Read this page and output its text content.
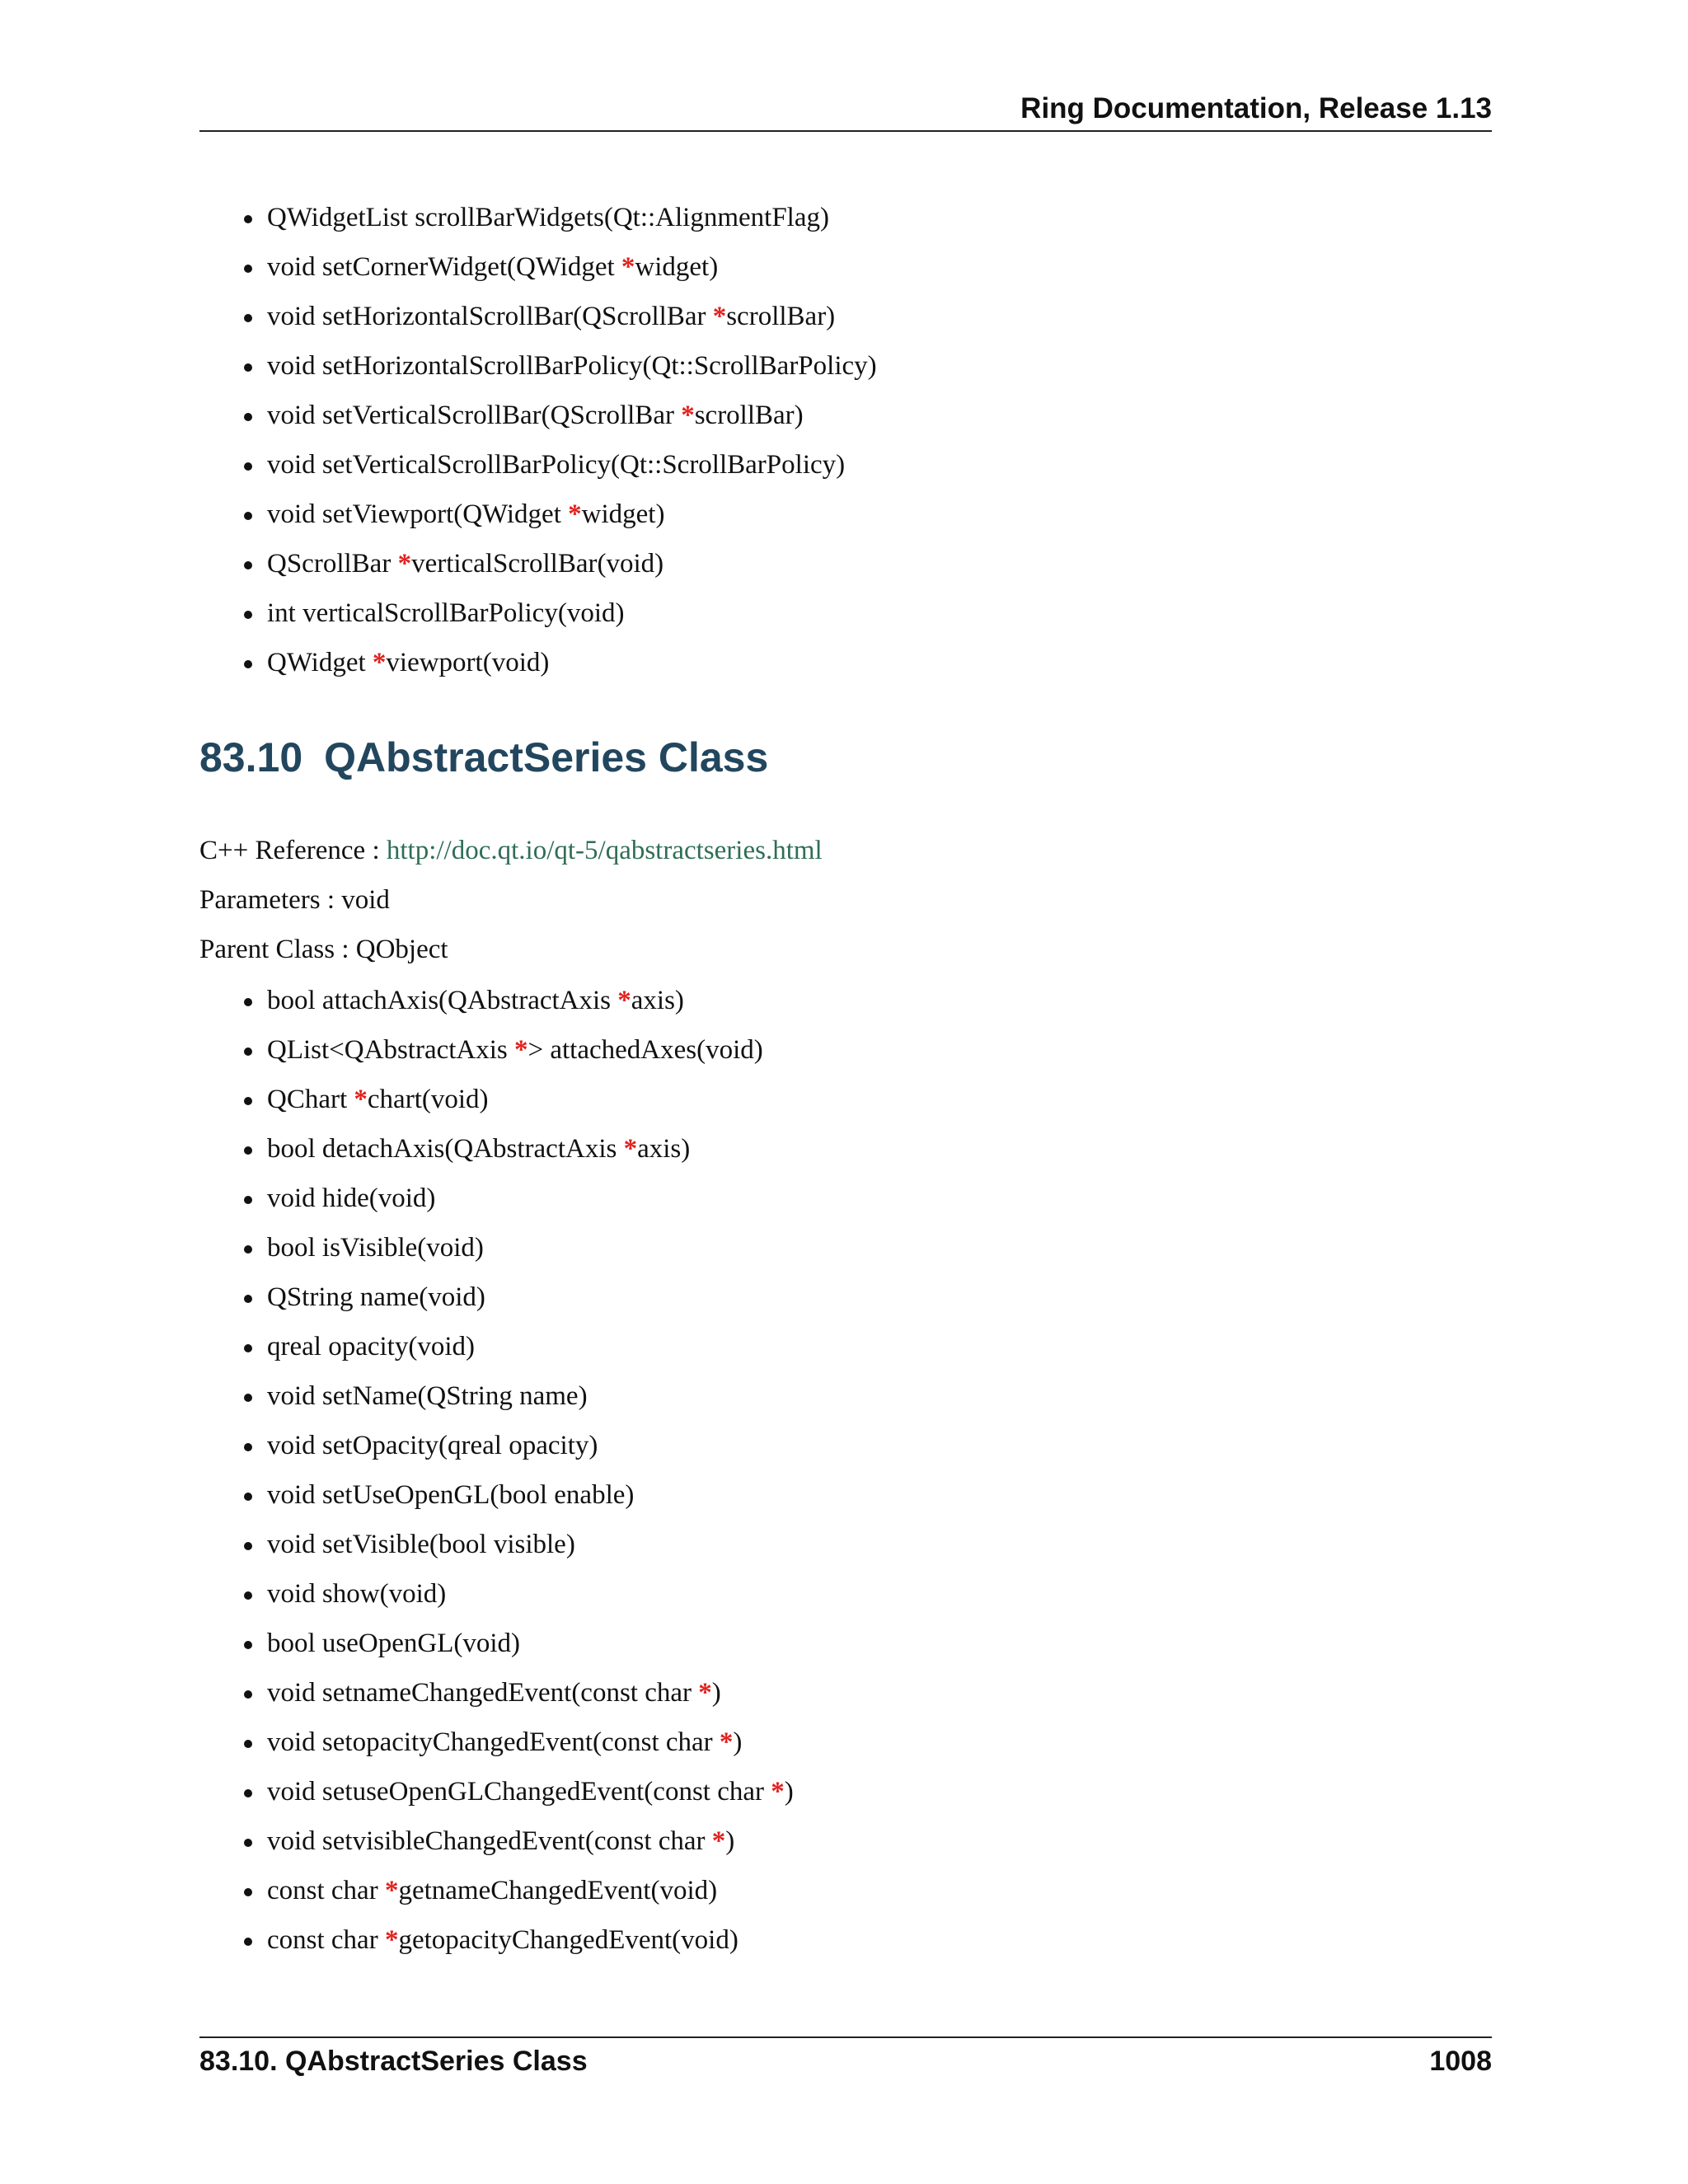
Ring Documentation, Release 1.13
QWidgetList scrollBarWidgets(Qt::AlignmentFlag)
void setCornerWidget(QWidget *widget)
void setHorizontalScrollBar(QScrollBar *scrollBar)
void setHorizontalScrollBarPolicy(Qt::ScrollBarPolicy)
void setVerticalScrollBar(QScrollBar *scrollBar)
void setVerticalScrollBarPolicy(Qt::ScrollBarPolicy)
void setViewport(QWidget *widget)
QScrollBar *verticalScrollBar(void)
int verticalScrollBarPolicy(void)
QWidget *viewport(void)
83.10 QAbstractSeries Class

C++ Reference : http://doc.qt.io/qt-5/qabstractseries.html

Parameters : void

Parent Class : QObject

bool attachAxis(QAbstractAxis *axis)
QList<QAbstractAxis *> attachedAxes(void)
QChart *chart(void)
bool detachAxis(QAbstractAxis *axis)
void hide(void)
bool isVisible(void)
QString name(void)
qreal opacity(void)
void setName(QString name)
void setOpacity(qreal opacity)
void setUseOpenGL(bool enable)
void setVisible(bool visible)
void show(void)
bool useOpenGL(void)
void setnameChangedEvent(const char *)
void setopacityChangedEvent(const char *)
void setuseOpenGLChangedEvent(const char *)
void setvisibleChangedEvent(const char *)
const char *getnameChangedEvent(void)
const char *getopacityChangedEvent(void)
83.10. QAbstractSeries Class	1008
